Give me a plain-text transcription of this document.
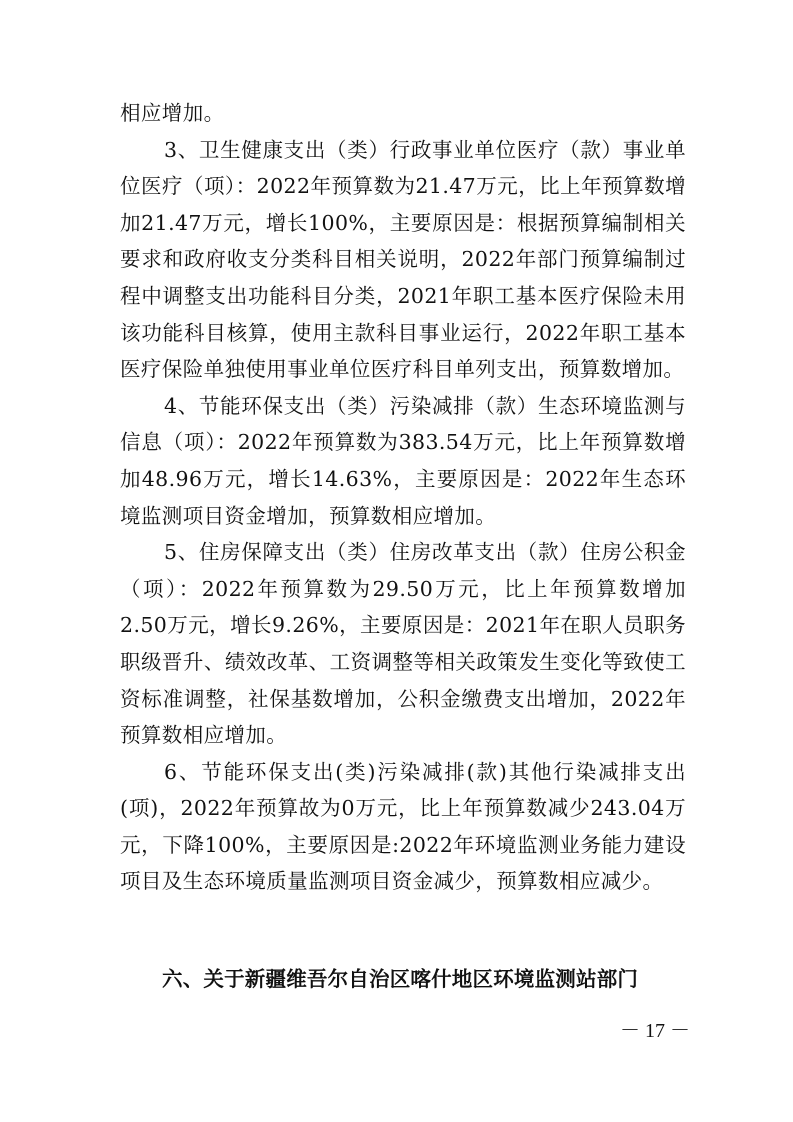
相应增加。

3、卫生健康支出（类）行政事业单位医疗（款）事业单位医疗（项）：2022年预算数为21.47万元，比上年预算数增加21.47万元，增长100%，主要原因是：根据预算编制相关要求和政府收支分类科目相关说明，2022年部门预算编制过程中调整支出功能科目分类，2021年职工基本医疗保险未用该功能科目核算，使用主款科目事业运行，2022年职工基本医疗保险单独使用事业单位医疗科目单列支出，预算数增加。

4、节能环保支出（类）污染减排（款）生态环境监测与信息（项）：2022年预算数为383.54万元，比上年预算数增加48.96万元，增长14.63%，主要原因是：2022年生态环境监测项目资金增加，预算数相应增加。

5、住房保障支出（类）住房改革支出（款）住房公积金（项）：2022年预算数为29.50万元，比上年预算数增加2.50万元，增长9.26%，主要原因是：2021年在职人员职务职级晋升、绩效改革、工资调整等相关政策发生变化等致使工资标准调整，社保基数增加，公积金缴费支出增加，2022年预算数相应增加。

6、节能环保支出(类)污染减排(款)其他行染减排支出(项)，2022年预算故为0万元，比上年预算数减少243.04万元，下降100%，主要原因是:2022年环境监测业务能力建设项目及生态环境质量监测项目资金减少，预算数相应减少。

六、关于新疆维吾尔自治区喀什地区环境监测站部门
－ 17 －
